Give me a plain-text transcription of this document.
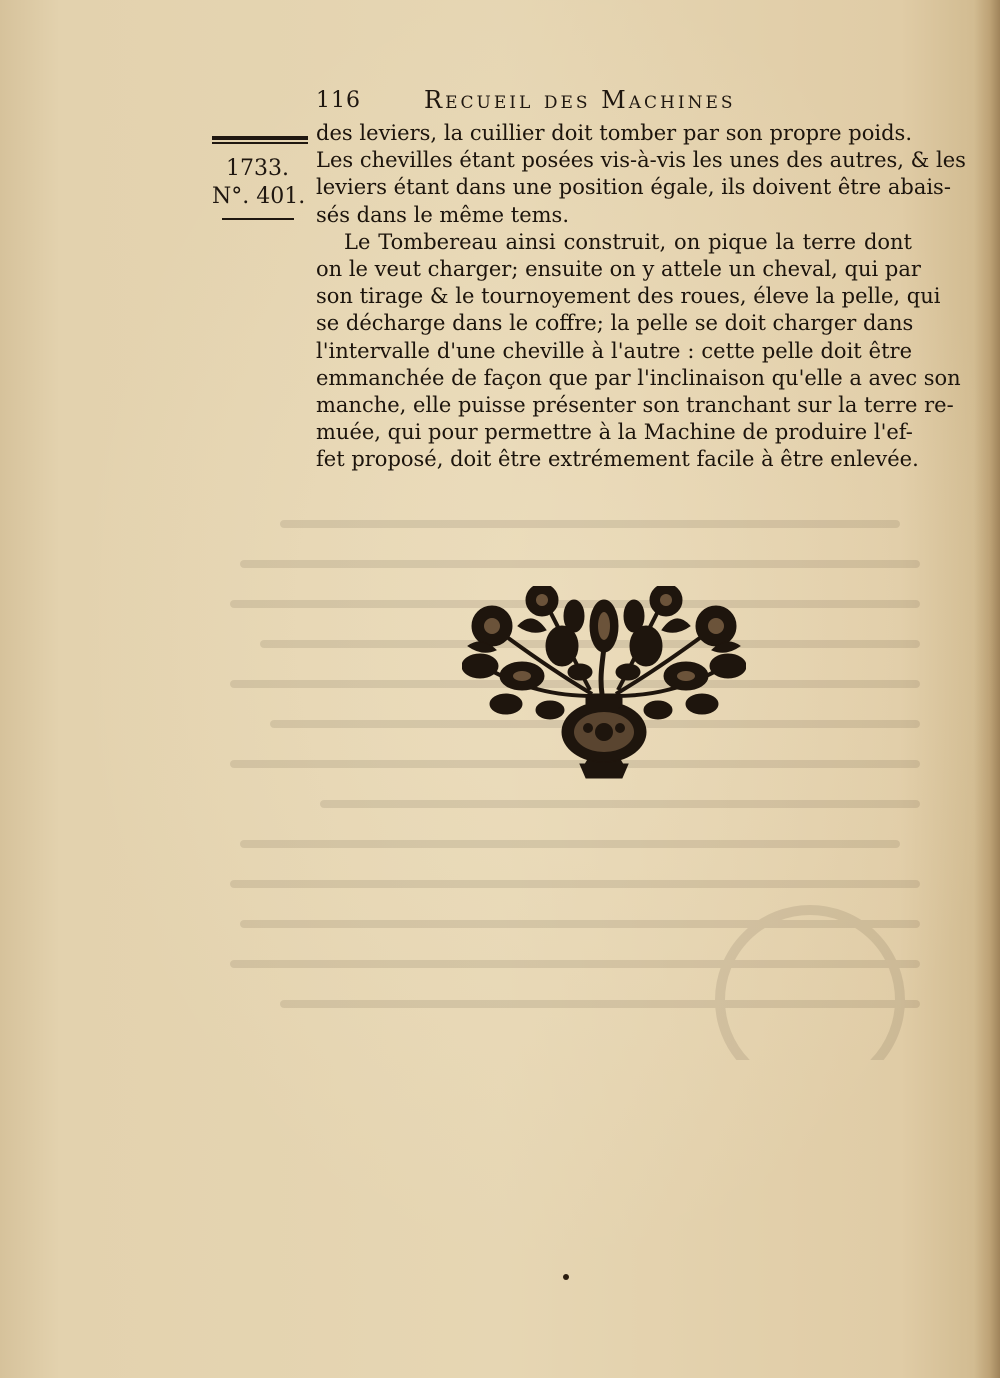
116	Recueil des Machines
1733.
N°. 401.
des leviers, la cuillier doit tomber par son propre poids.
Les chevilles étant posées vis-à-vis les unes des autres, & les
leviers étant dans une position égale, ils doivent être abais-
sés dans le même tems.
Le Tombereau ainsi construit, on pique la terre dont
on le veut charger; ensuite on y attele un cheval, qui par
son tirage & le tournoyement des roues, éleve la pelle, qui
se décharge dans le coffre; la pelle se doit charger dans
l'intervalle d'une cheville à l'autre : cette pelle doit être
emmanchée de façon que par l'inclinaison qu'elle a avec son
manche, elle puisse présenter son tranchant sur la terre re-
muée, qui pour permettre à la Machine de produire l'ef-
fet proposé, doit être extrémement facile à être enlevée.
